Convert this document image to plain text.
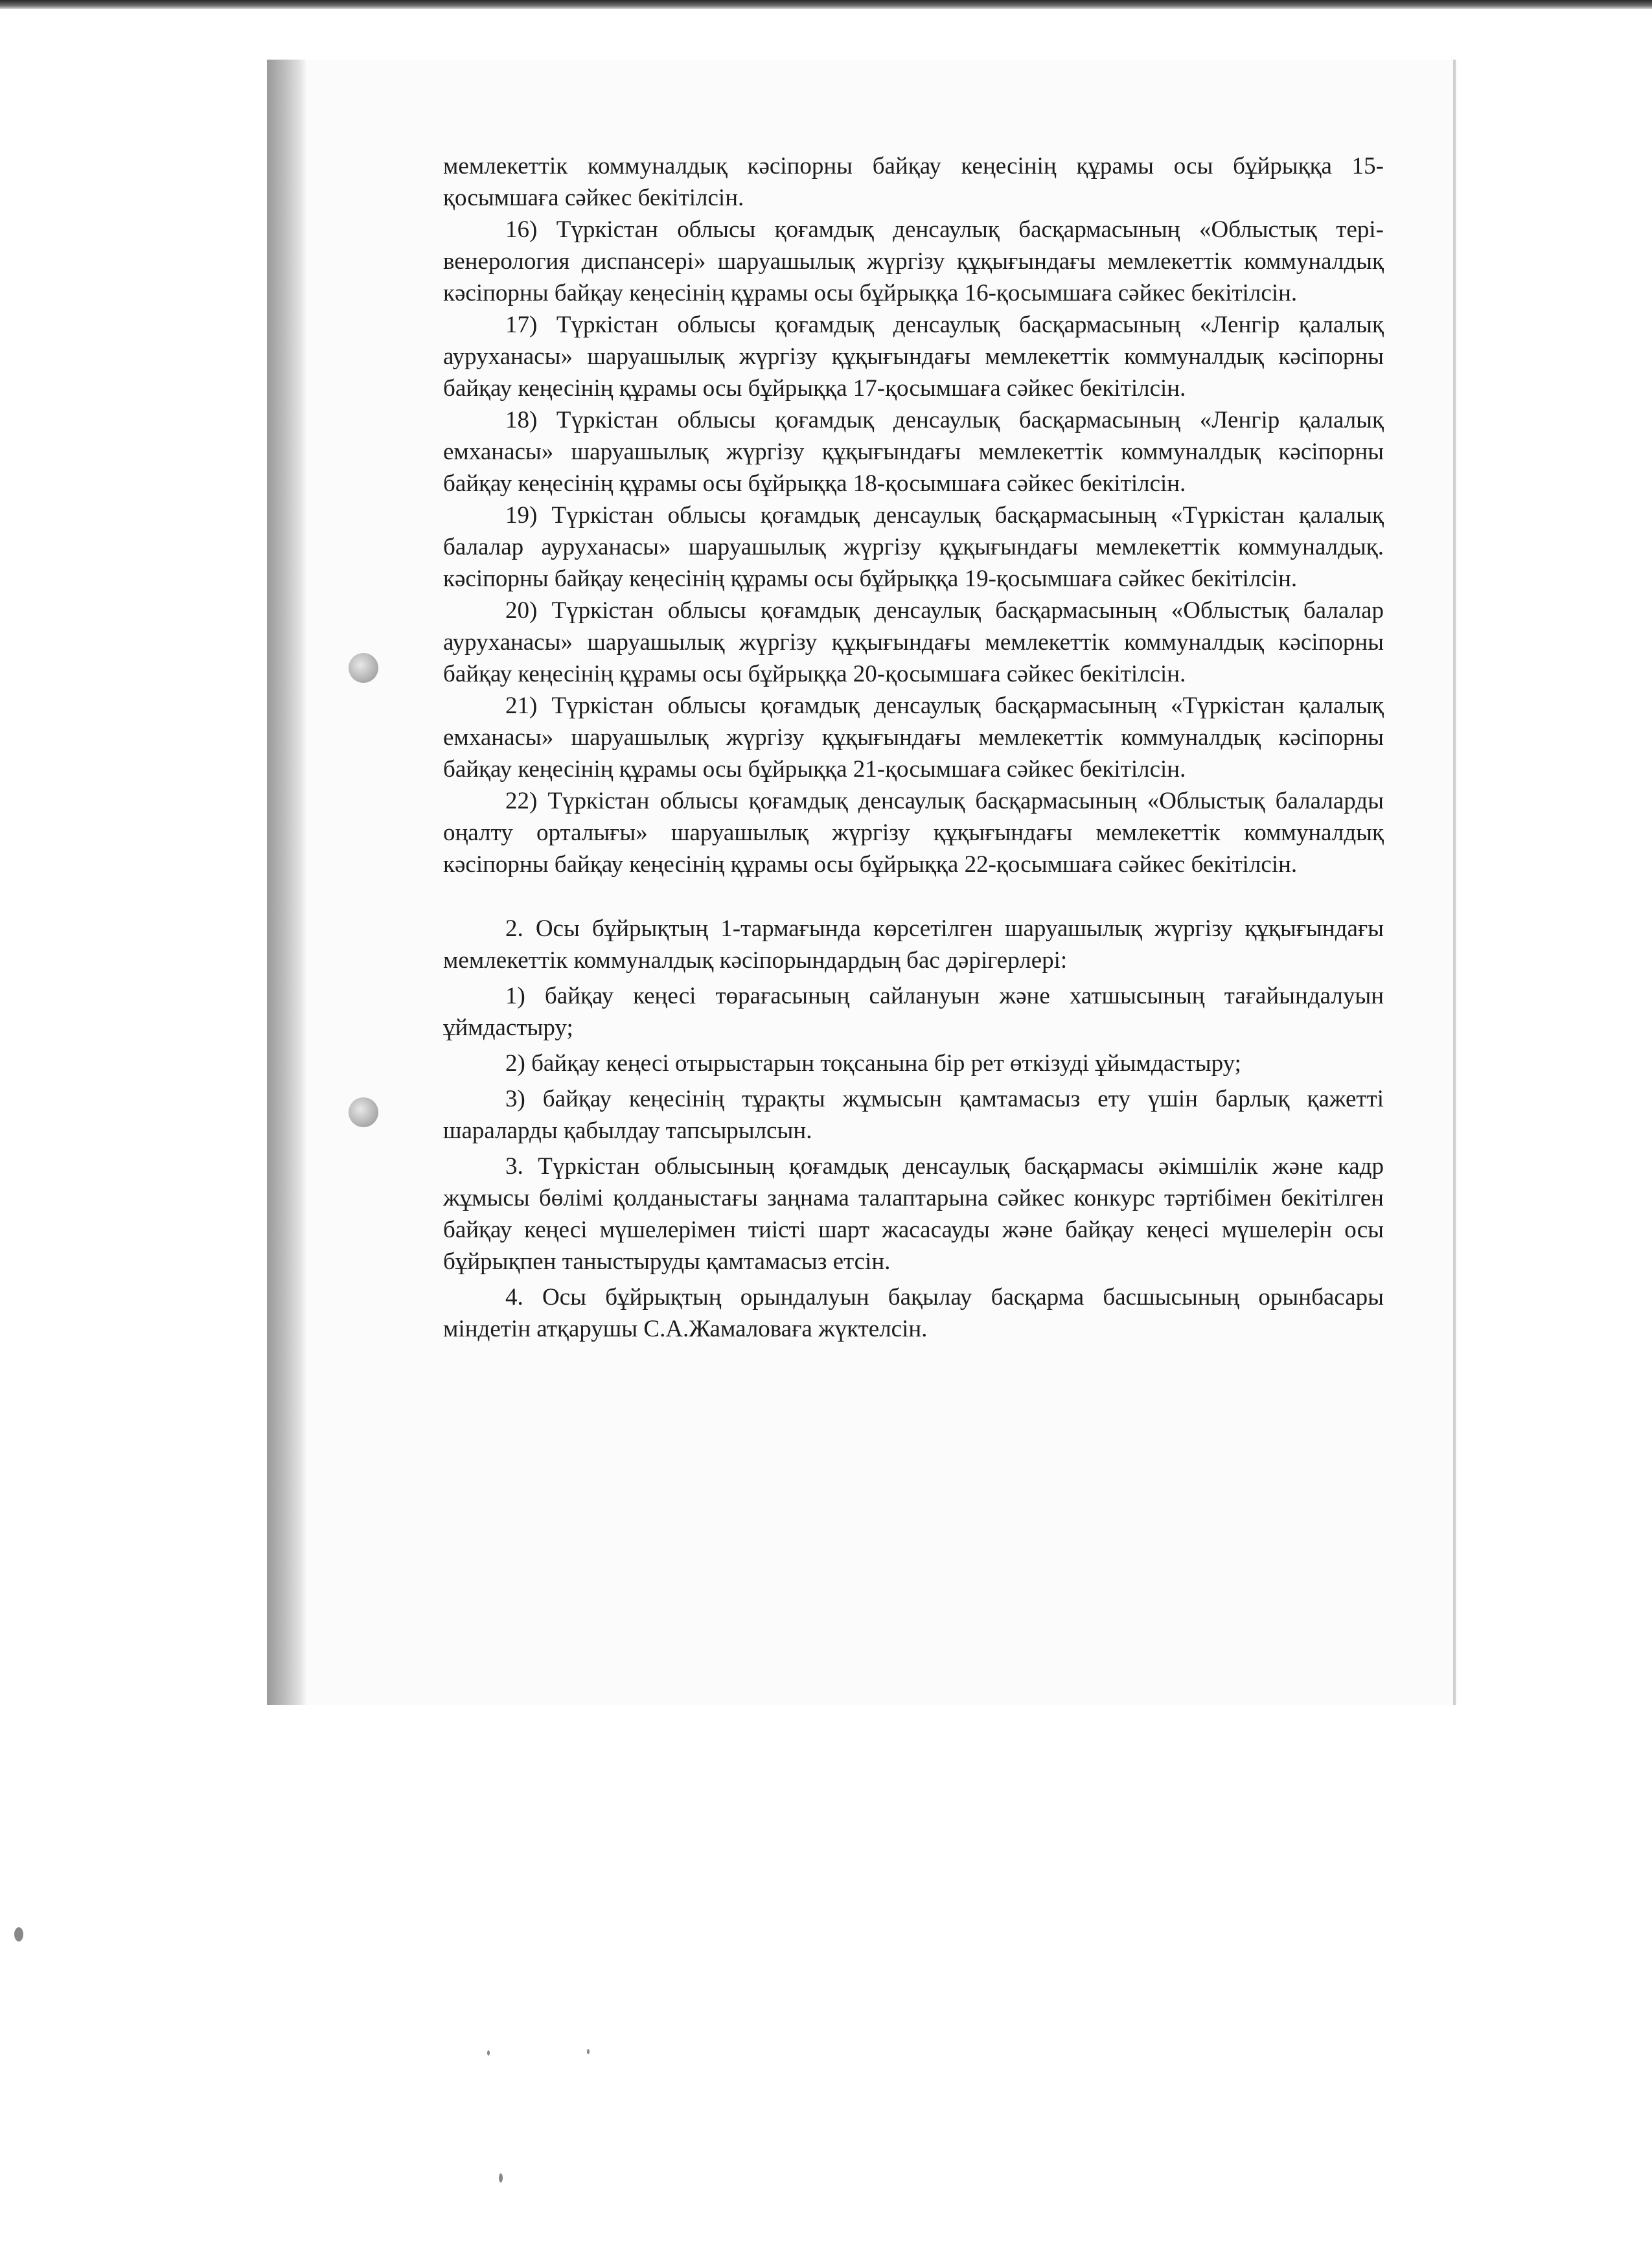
мемлекеттік коммуналдық кәсіпорны байқау кеңесінің құрамы осы бұйрыққа 15-қосымшаға сәйкес бекітілсін.

16) Түркістан облысы қоғамдық денсаулық басқармасының «Облыстық тері-венерология диспансері» шаруашылық жүргізу құқығындағы мемлекеттік коммуналдық кәсіпорны байқау кеңесінің құрамы осы бұйрыққа 16-қосымшаға сәйкес бекітілсін.

17) Түркістан облысы қоғамдық денсаулық басқармасының «Ленгір қалалық ауруханасы» шаруашылық жүргізу құқығындағы мемлекеттік коммуналдық кәсіпорны байқау кеңесінің құрамы осы бұйрыққа 17-қосымшаға сәйкес бекітілсін.

18) Түркістан облысы қоғамдық денсаулық басқармасының «Ленгір қалалық емханасы» шаруашылық жүргізу құқығындағы мемлекеттік коммуналдық кәсіпорны байқау кеңесінің құрамы осы бұйрыққа 18-қосымшаға сәйкес бекітілсін.

19) Түркістан облысы қоғамдық денсаулық басқармасының «Түркістан қалалық балалар ауруханасы» шаруашылық жүргізу құқығындағы мемлекеттік коммуналдық. кәсіпорны байқау кеңесінің құрамы осы бұйрыққа 19-қосымшаға сәйкес бекітілсін.

20) Түркістан облысы қоғамдық денсаулық басқармасының «Облыстық балалар ауруханасы» шаруашылық жүргізу құқығындағы мемлекеттік коммуналдық кәсіпорны байқау кеңесінің құрамы осы бұйрыққа 20-қосымшаға сәйкес бекітілсін.

21) Түркістан облысы қоғамдық денсаулық басқармасының «Түркістан қалалық емханасы» шаруашылық жүргізу құқығындағы мемлекеттік коммуналдық кәсіпорны байқау кеңесінің құрамы осы бұйрыққа 21-қосымшаға сәйкес бекітілсін.

22) Түркістан облысы қоғамдық денсаулық басқармасының «Облыстық балаларды оңалту орталығы» шаруашылық жүргізу құқығындағы мемлекеттік коммуналдық кәсіпорны байқау кеңесінің құрамы осы бұйрыққа 22-қосымшаға сәйкес бекітілсін.

2. Осы бұйрықтың 1-тармағында көрсетілген шаруашылық жүргізу құқығындағы мемлекеттік коммуналдық кәсіпорындардың бас дәрігерлері:

1) байқау кеңесі төрағасының сайлануын және хатшысының тағайындалуын ұймдастыру;

2) байқау кеңесі отырыстарын тоқсанына бір рет өткізуді ұйымдастыру;

3) байқау кеңесінің тұрақты жұмысын қамтамасыз ету үшін барлық қажетті шараларды қабылдау тапсырылсын.

3. Түркістан облысының қоғамдық денсаулық басқармасы әкімшілік және кадр жұмысы бөлімі қолданыстағы заңнама талаптарына сәйкес конкурс тәртібімен бекітілген байқау кеңесі мүшелерімен тиісті шарт жасасауды және байқау кеңесі мүшелерін осы бұйрықпен таныстыруды қамтамасыз етсін.

4. Осы бұйрықтың орындалуын бақылау басқарма басшысының орынбасары міндетін атқарушы С.А.Жамаловаға жүктелсін.
